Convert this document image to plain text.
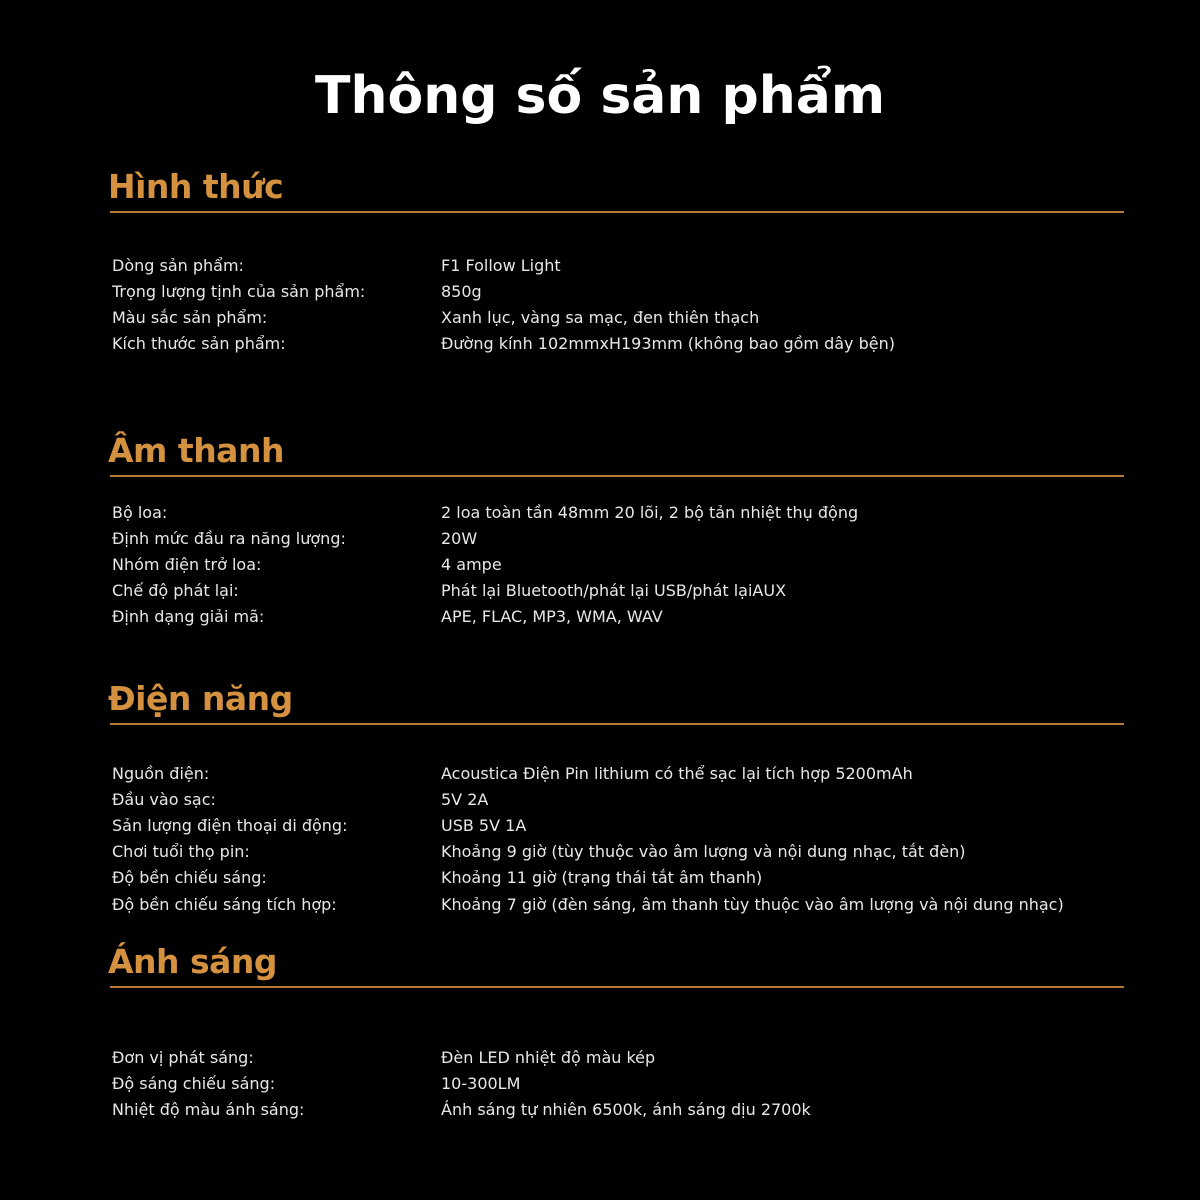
Thông số sản phẩm
Hình thức
Dòng sản phẩm:	F1 Follow Light
Trọng lượng tịnh của sản phẩm:	850g
Màu sắc sản phẩm:	Xanh lục, vàng sa mạc, đen thiên thạch
Kích thước sản phẩm:	Đường kính 102mmxH193mm (không bao gồm dây bện)
Âm thanh
Bộ loa:	2 loa toàn tần 48mm 20 lõi, 2 bộ tản nhiệt thụ động
Định mức đầu ra năng lượng:	20W
Nhóm điện trở loa:	4 ampe
Chế độ phát lại:	Phát lại Bluetooth/phát lại USB/phát lạiAUX
Định dạng giải mã:	APE, FLAC, MP3, WMA, WAV
Điện năng
Nguồn điện:	Acoustica Điện Pin lithium có thể sạc lại tích hợp 5200mAh
Đầu vào sạc:	5V 2A
Sản lượng điện thoại di động:	USB 5V 1A
Chơi tuổi thọ pin:	Khoảng 9 giờ (tùy thuộc vào âm lượng và nội dung nhạc, tắt đèn)
Độ bền chiếu sáng:	Khoảng 11 giờ (trạng thái tắt âm thanh)
Độ bền chiếu sáng tích hợp:	Khoảng 7 giờ (đèn sáng, âm thanh tùy thuộc vào âm lượng và nội dung nhạc)
Ánh sáng
Đơn vị phát sáng:	Đèn LED nhiệt độ màu kép
Độ sáng chiếu sáng:	10-300LM
Nhiệt độ màu ánh sáng:	Ánh sáng tự nhiên 6500k, ánh sáng dịu 2700k
